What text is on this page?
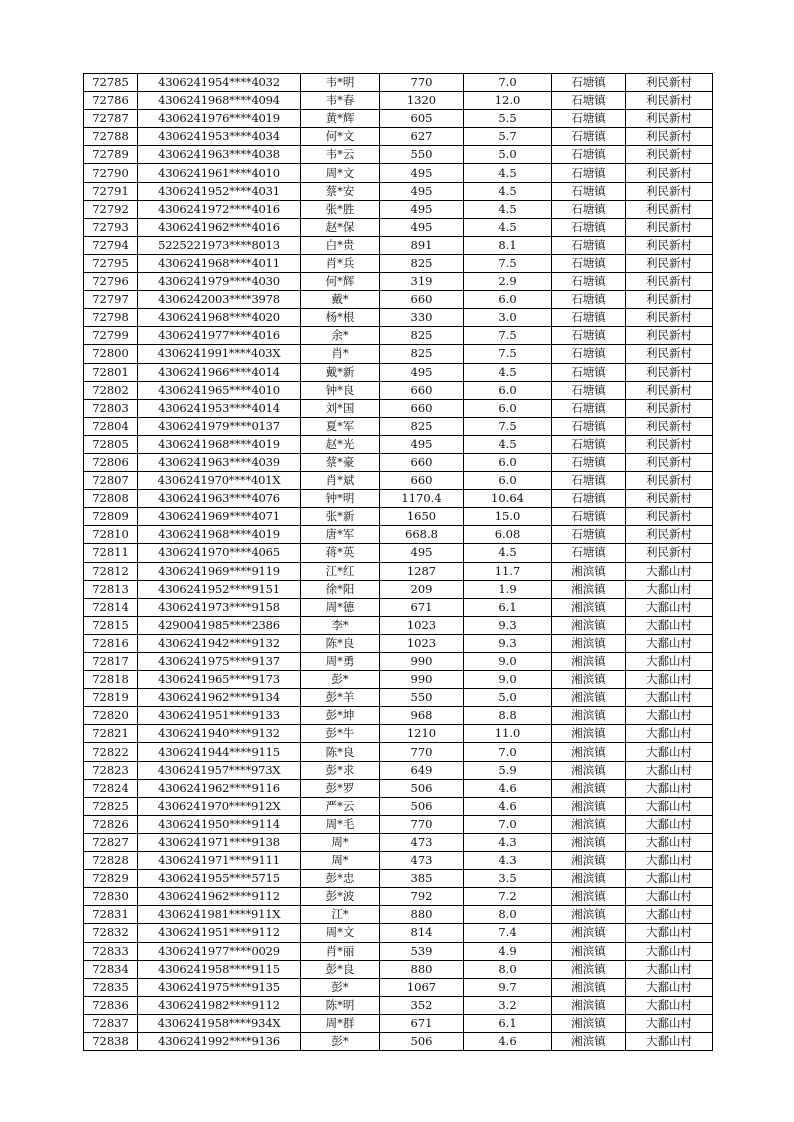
72785	4306241954****4032	韦*明	770	7.0	石塘镇	利民新村
72786	4306241968****4094	韦*春	1320	12.0	石塘镇	利民新村
72787	4306241976****4019	黄*辉	605	5.5	石塘镇	利民新村
72788	4306241953****4034	何*文	627	5.7	石塘镇	利民新村
72789	4306241963****4038	韦*云	550	5.0	石塘镇	利民新村
72790	4306241961****4010	周*文	495	4.5	石塘镇	利民新村
72791	4306241952****4031	蔡*安	495	4.5	石塘镇	利民新村
72792	4306241972****4016	张*胜	495	4.5	石塘镇	利民新村
72793	4306241962****4016	赵*保	495	4.5	石塘镇	利民新村
72794	5225221973****8013	白*贵	891	8.1	石塘镇	利民新村
72795	4306241968****4011	肖*兵	825	7.5	石塘镇	利民新村
72796	4306241979****4030	何*辉	319	2.9	石塘镇	利民新村
72797	4306242003****3978	戴*	660	6.0	石塘镇	利民新村
72798	4306241968****4020	杨*根	330	3.0	石塘镇	利民新村
72799	4306241977****4016	余*	825	7.5	石塘镇	利民新村
72800	4306241991****403X	肖*	825	7.5	石塘镇	利民新村
72801	4306241966****4014	戴*新	495	4.5	石塘镇	利民新村
72802	4306241965****4010	钟*良	660	6.0	石塘镇	利民新村
72803	4306241953****4014	刘*国	660	6.0	石塘镇	利民新村
72804	4306241979****0137	夏*军	825	7.5	石塘镇	利民新村
72805	4306241968****4019	赵*光	495	4.5	石塘镇	利民新村
72806	4306241963****4039	蔡*豪	660	6.0	石塘镇	利民新村
72807	4306241970****401X	肖*斌	660	6.0	石塘镇	利民新村
72808	4306241963****4076	钟*明	1170.4	10.64	石塘镇	利民新村
72809	4306241969****4071	张*新	1650	15.0	石塘镇	利民新村
72810	4306241968****4019	唐*军	668.8	6.08	石塘镇	利民新村
72811	4306241970****4065	蒋*英	495	4.5	石塘镇	利民新村
72812	4306241969****9119	江*红	1287	11.7	湘滨镇	大鄱山村
72813	4306241952****9151	徐*阳	209	1.9	湘滨镇	大鄱山村
72814	4306241973****9158	周*德	671	6.1	湘滨镇	大鄱山村
72815	4290041985****2386	李*	1023	9.3	湘滨镇	大鄱山村
72816	4306241942****9132	陈*良	1023	9.3	湘滨镇	大鄱山村
72817	4306241975****9137	周*勇	990	9.0	湘滨镇	大鄱山村
72818	4306241965****9173	彭*	990	9.0	湘滨镇	大鄱山村
72819	4306241962****9134	彭*羊	550	5.0	湘滨镇	大鄱山村
72820	4306241951****9133	彭*坤	968	8.8	湘滨镇	大鄱山村
72821	4306241940****9132	彭*牛	1210	11.0	湘滨镇	大鄱山村
72822	4306241944****9115	陈*良	770	7.0	湘滨镇	大鄱山村
72823	4306241957****973X	彭*求	649	5.9	湘滨镇	大鄱山村
72824	4306241962****9116	彭*罗	506	4.6	湘滨镇	大鄱山村
72825	4306241970****912X	严*云	506	4.6	湘滨镇	大鄱山村
72826	4306241950****9114	周*毛	770	7.0	湘滨镇	大鄱山村
72827	4306241971****9138	周*	473	4.3	湘滨镇	大鄱山村
72828	4306241971****9111	周*	473	4.3	湘滨镇	大鄱山村
72829	4306241955****5715	彭*忠	385	3.5	湘滨镇	大鄱山村
72830	4306241962****9112	彭*波	792	7.2	湘滨镇	大鄱山村
72831	4306241981****911X	江*	880	8.0	湘滨镇	大鄱山村
72832	4306241951****9112	周*文	814	7.4	湘滨镇	大鄱山村
72833	4306241977****0029	肖*丽	539	4.9	湘滨镇	大鄱山村
72834	4306241958****9115	彭*良	880	8.0	湘滨镇	大鄱山村
72835	4306241975****9135	彭*	1067	9.7	湘滨镇	大鄱山村
72836	4306241982****9112	陈*明	352	3.2	湘滨镇	大鄱山村
72837	4306241958****934X	周*群	671	6.1	湘滨镇	大鄱山村
72838	4306241992****9136	彭*	506	4.6	湘滨镇	大鄱山村
